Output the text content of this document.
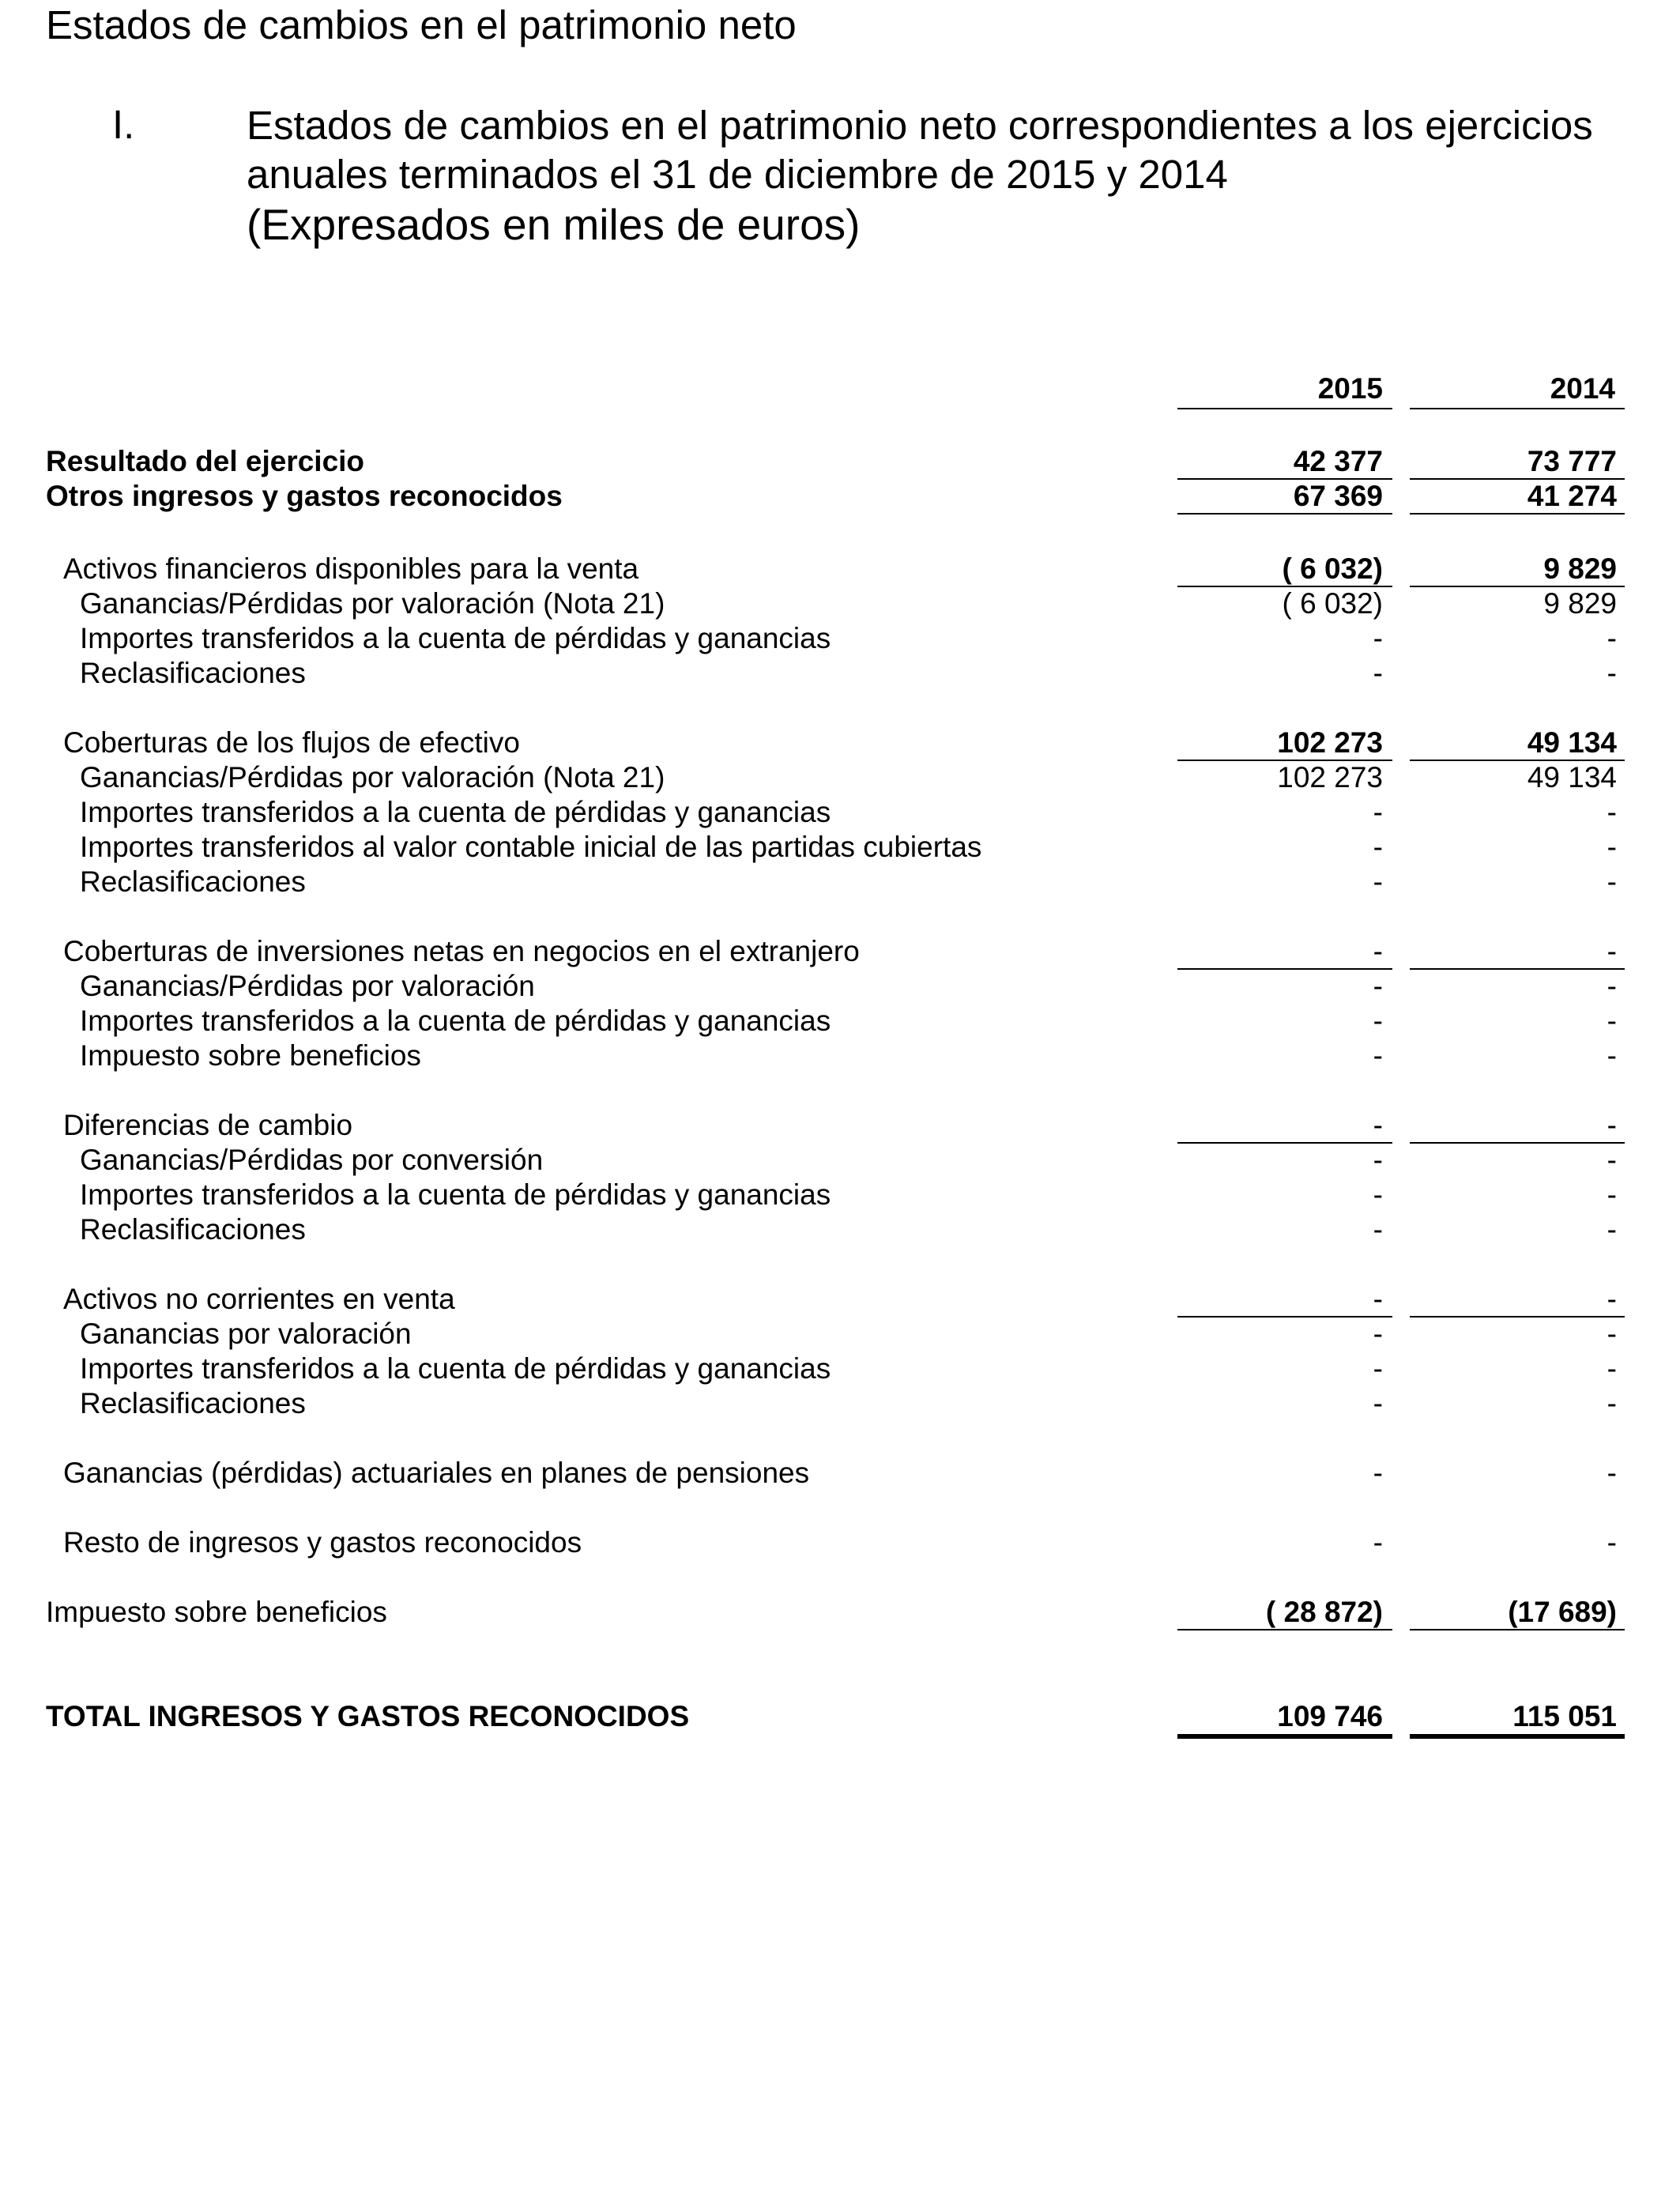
Estados de cambios en el patrimonio neto
I.	Estados de cambios en el patrimonio neto correspondientes a los ejercicios
anuales terminados el 31 de diciembre de 2015 y 2014
(Expresados en miles de euros)
2015	2014
Resultado del ejercicio	42 377	73 777
Otros ingresos y gastos reconocidos	67 369	41 274
Activos financieros disponibles para la venta	( 6 032)	9 829
Ganancias/Pérdidas por valoración (Nota 21)	( 6 032)	9 829
Importes transferidos a la cuenta de pérdidas y ganancias	-	-
Reclasificaciones	-	-
Coberturas de los flujos de efectivo	102 273	49 134
Ganancias/Pérdidas por valoración (Nota 21)	102 273	49 134
Importes transferidos a la cuenta de pérdidas y ganancias	-	-
Importes transferidos al valor contable inicial de las partidas cubiertas	-	-
Reclasificaciones	-	-
Coberturas de inversiones netas en negocios en el extranjero	-	-
Ganancias/Pérdidas por valoración	-	-
Importes transferidos a la cuenta de pérdidas y ganancias	-	-
Impuesto sobre beneficios	-	-
Diferencias de cambio	-	-
Ganancias/Pérdidas por conversión	-	-
Importes transferidos a la cuenta de pérdidas y ganancias	-	-
Reclasificaciones	-	-
Activos no corrientes en venta	-	-
Ganancias por valoración	-	-
Importes transferidos a la cuenta de pérdidas y ganancias	-	-
Reclasificaciones	-	-
Ganancias (pérdidas) actuariales en planes de pensiones	-	-
Resto de ingresos y gastos reconocidos	-	-
Impuesto sobre beneficios	( 28 872)	(17 689)
TOTAL INGRESOS Y GASTOS RECONOCIDOS	109 746	115 051
